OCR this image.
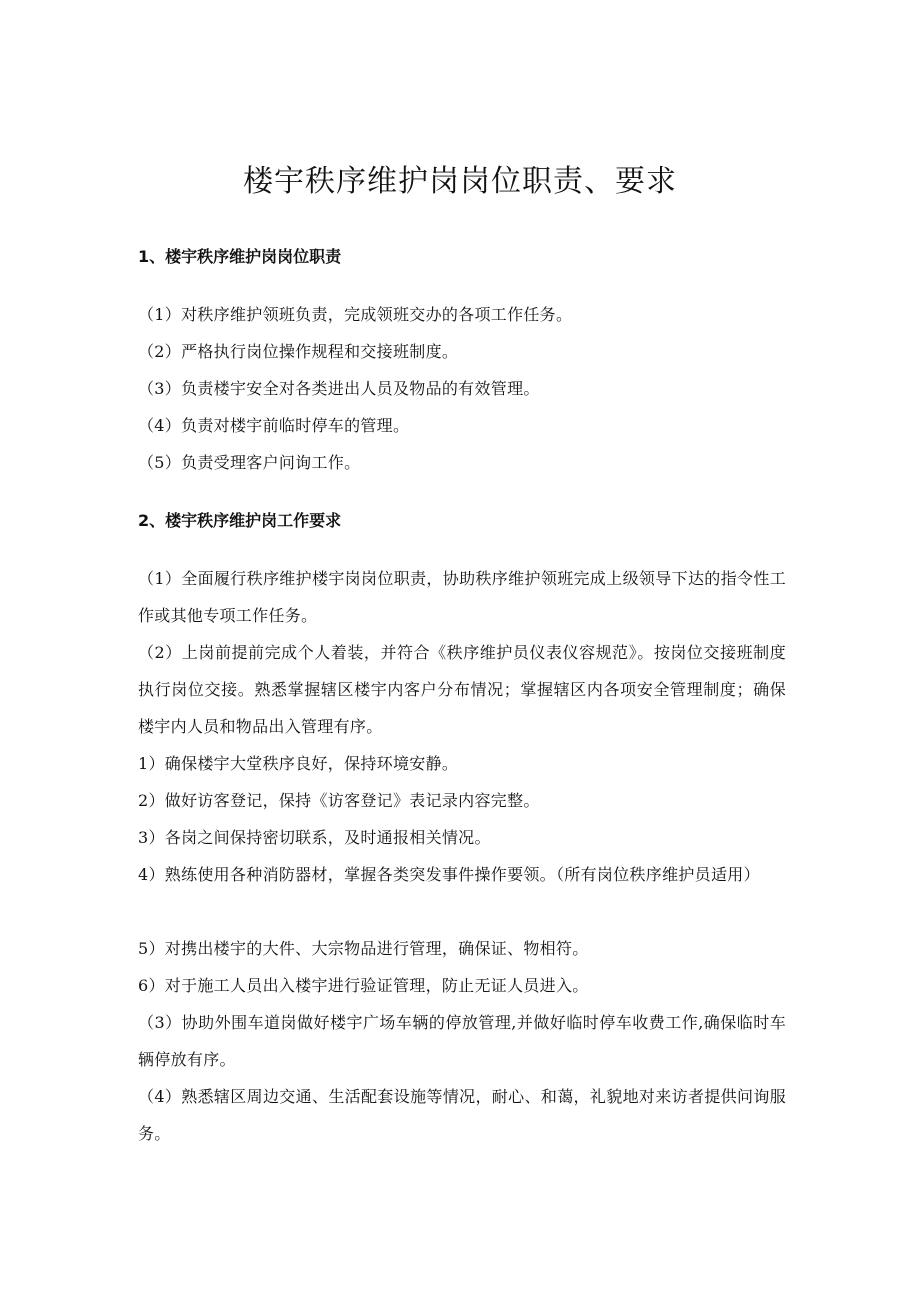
楼宇秩序维护岗岗位职责、要求
1、楼宇秩序维护岗岗位职责

（1）对秩序维护领班负责，完成领班交办的各项工作任务。

（2）严格执行岗位操作规程和交接班制度。

（3）负责楼宇安全对各类进出人员及物品的有效管理。

（4）负责对楼宇前临时停车的管理。

（5）负责受理客户问询工作。

2、楼宇秩序维护岗工作要求

（1）全面履行秩序维护楼宇岗岗位职责，协助秩序维护领班完成上级领导下达的指令性工作或其他专项工作任务。

（2）上岗前提前完成个人着装，并符合《秩序维护员仪表仪容规范》。按岗位交接班制度执行岗位交接。熟悉掌握辖区楼宇内客户分布情况；掌握辖区内各项安全管理制度；确保楼宇内人员和物品出入管理有序。

1）确保楼宇大堂秩序良好，保持环境安静。

2）做好访客登记，保持《访客登记》表记录内容完整。

3）各岗之间保持密切联系，及时通报相关情况。

4）熟练使用各种消防器材，掌握各类突发事件操作要领。（所有岗位秩序维护员适用）

5）对携出楼宇的大件、大宗物品进行管理，确保证、物相符。

6）对于施工人员出入楼宇进行验证管理，防止无证人员进入。

（3）协助外围车道岗做好楼宇广场车辆的停放管理,并做好临时停车收费工作,确保临时车辆停放有序。

（4）熟悉辖区周边交通、生活配套设施等情况，耐心、和蔼，礼貌地对来访者提供问询服务。
